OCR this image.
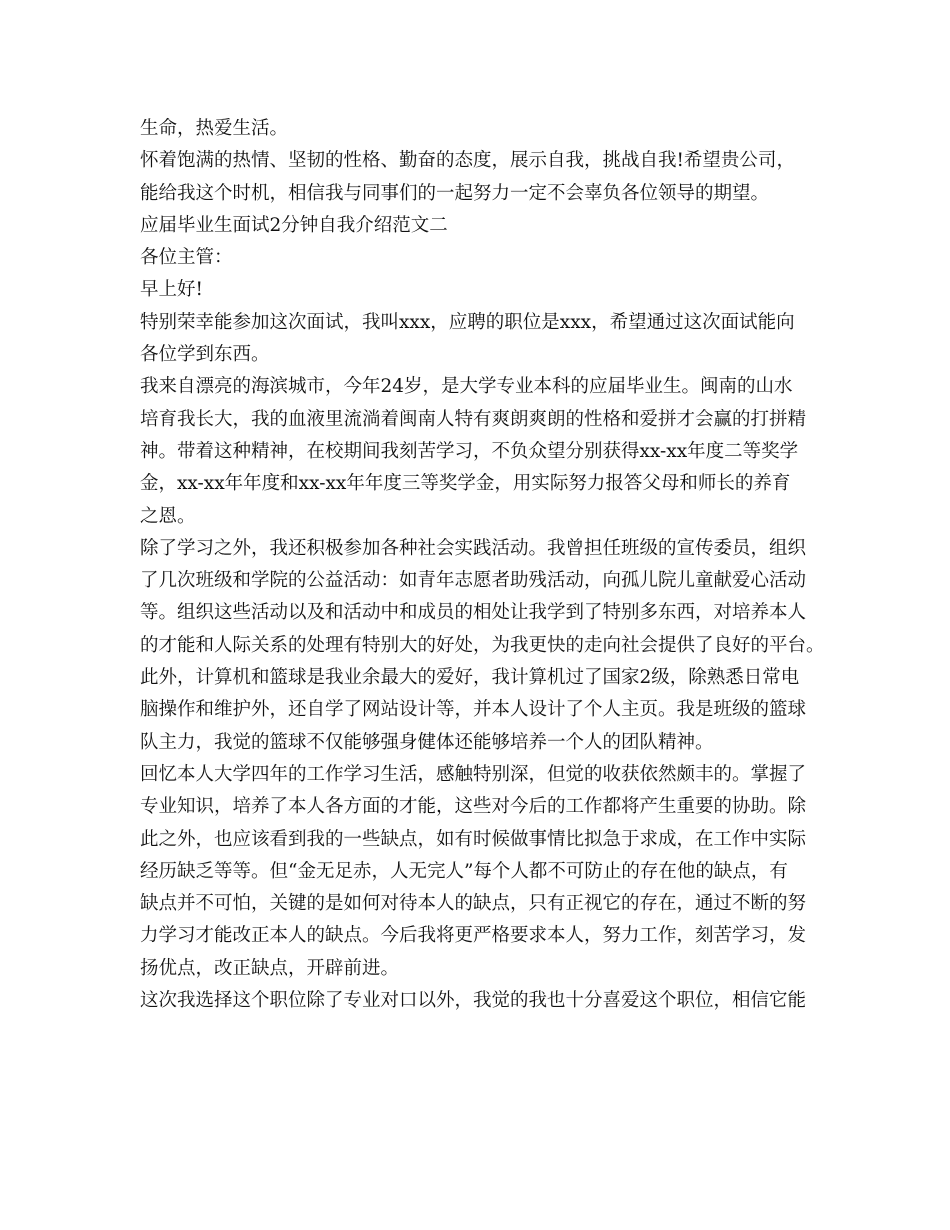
生命，热爱生活。
怀着饱满的热情、坚韧的性格、勤奋的态度，展示自我，挑战自我!希望贵公司，
能给我这个时机，相信我与同事们的一起努力一定不会辜负各位领导的期望。
应届毕业生面试2分钟自我介绍范文二
各位主管：
早上好!
特别荣幸能参加这次面试，我叫xxx，应聘的职位是xxx，希望通过这次面试能向
各位学到东西。
我来自漂亮的海滨城市，今年24岁，是大学专业本科的应届毕业生。闽南的山水
培育我长大，我的血液里流淌着闽南人特有爽朗爽朗的性格和爱拼才会赢的打拼精
神。带着这种精神，在校期间我刻苦学习，不负众望分别获得xx-xx年度二等奖学
金，xx-xx年年度和xx-xx年年度三等奖学金，用实际努力报答父母和师长的养育
之恩。
除了学习之外，我还积极参加各种社会实践活动。我曾担任班级的宣传委员，组织
了几次班级和学院的公益活动：如青年志愿者助残活动，向孤儿院儿童献爱心活动
等。组织这些活动以及和活动中和成员的相处让我学到了特别多东西，对培养本人
的才能和人际关系的处理有特别大的好处，为我更快的走向社会提供了良好的平台。
此外，计算机和篮球是我业余最大的爱好，我计算机过了国家2级，除熟悉日常电
脑操作和维护外，还自学了网站设计等，并本人设计了个人主页。我是班级的篮球
队主力，我觉的篮球不仅能够强身健体还能够培养一个人的团队精神。
回忆本人大学四年的工作学习生活，感触特别深，但觉的收获依然颇丰的。掌握了
专业知识，培养了本人各方面的才能，这些对今后的工作都将产生重要的协助。除
此之外，也应该看到我的一些缺点，如有时候做事情比拟急于求成，在工作中实际
经历缺乏等等。但“金无足赤，人无完人”每个人都不可防止的存在他的缺点，有
缺点并不可怕，关键的是如何对待本人的缺点，只有正视它的存在，通过不断的努
力学习才能改正本人的缺点。今后我将更严格要求本人，努力工作，刻苦学习，发
扬优点，改正缺点，开辟前进。
这次我选择这个职位除了专业对口以外，我觉的我也十分喜爱这个职位，相信它能
